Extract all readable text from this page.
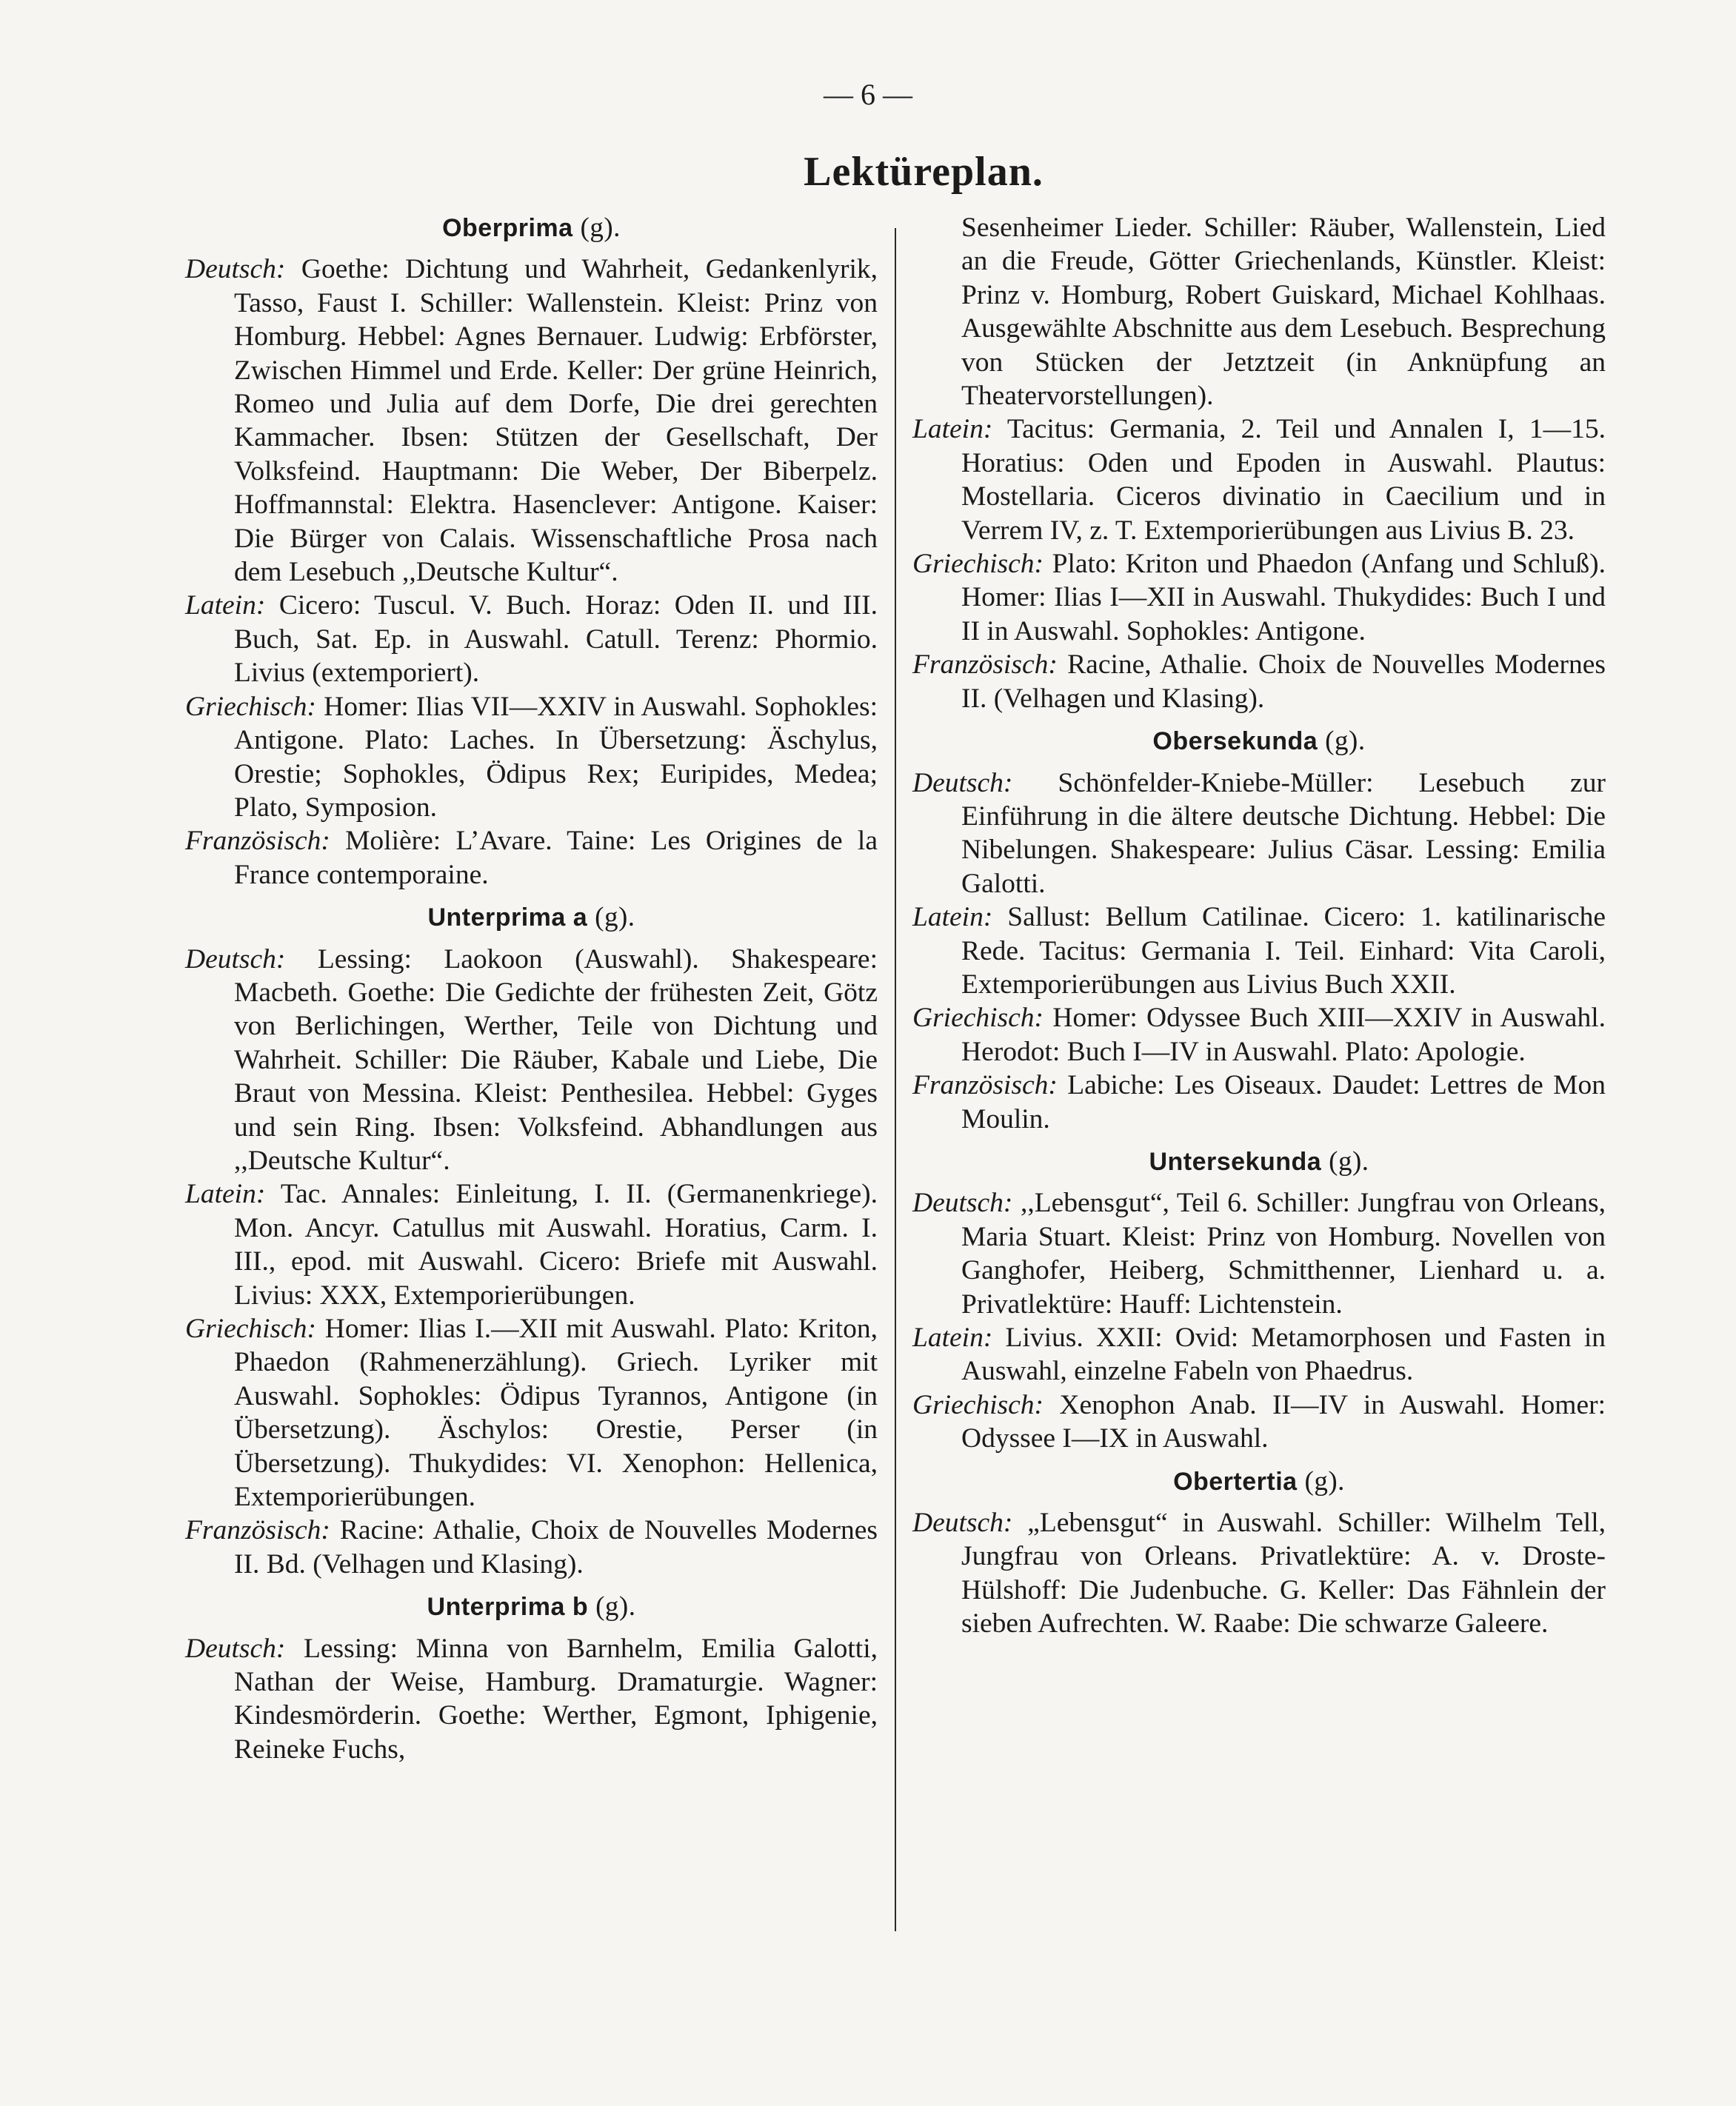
— 6 —
Lektüreplan.
Oberprima (g).

Deutsch: Goethe: Dichtung und Wahrheit, Gedankenlyrik, Tasso, Faust I. Schiller: Wallenstein. Kleist: Prinz von Homburg. Hebbel: Agnes Bernauer. Ludwig: Erbförster, Zwischen Himmel und Erde. Keller: Der grüne Heinrich, Romeo und Julia auf dem Dorfe, Die drei gerechten Kammacher. Ibsen: Stützen der Gesellschaft, Der Volksfeind. Hauptmann: Die Weber, Der Biberpelz. Hoffmannstal: Elektra. Hasenclever: Antigone. Kaiser: Die Bürger von Calais. Wissenschaftliche Prosa nach dem Lesebuch ,,Deutsche Kultur“.

Latein: Cicero: Tuscul. V. Buch. Horaz: Oden II. und III. Buch, Sat. Ep. in Auswahl. Catull. Terenz: Phormio. Livius (extemporiert).

Griechisch: Homer: Ilias VII—XXIV in Auswahl. Sophokles: Antigone. Plato: Laches. In Übersetzung: Äschylus, Orestie; Sophokles, Ödipus Rex; Euripides, Medea; Plato, Symposion.

Französisch: Molière: L’Avare. Taine: Les Origines de la France contemporaine.

Unterprima a (g).

Deutsch: Lessing: Laokoon (Auswahl). Shakespeare: Macbeth. Goethe: Die Gedichte der frühesten Zeit, Götz von Berlichingen, Werther, Teile von Dichtung und Wahrheit. Schiller: Die Räuber, Kabale und Liebe, Die Braut von Messina. Kleist: Penthesilea. Hebbel: Gyges und sein Ring. Ibsen: Volksfeind. Abhandlungen aus ,,Deutsche Kultur“.

Latein: Tac. Annales: Einleitung, I. II. (Germanenkriege). Mon. Ancyr. Catullus mit Auswahl. Horatius, Carm. I. III., epod. mit Auswahl. Cicero: Briefe mit Auswahl. Livius: XXX, Extemporierübungen.

Griechisch: Homer: Ilias I.—XII mit Auswahl. Plato: Kriton, Phaedon (Rahmenerzählung). Griech. Lyriker mit Auswahl. Sophokles: Ödipus Tyrannos, Antigone (in Übersetzung). Äschylos: Orestie, Perser (in Übersetzung). Thukydides: VI. Xenophon: Hellenica, Extemporierübungen.

Französisch: Racine: Athalie, Choix de Nouvelles Modernes II. Bd. (Velhagen und Klasing).

Unterprima b (g).

Deutsch: Lessing: Minna von Barnhelm, Emilia Galotti, Nathan der Weise, Hamburg. Dramaturgie. Wagner: Kindesmörderin. Goethe: Werther, Egmont, Iphigenie, Reineke Fuchs,

Sesenheimer Lieder. Schiller: Räuber, Wallenstein, Lied an die Freude, Götter Griechenlands, Künstler. Kleist: Prinz v. Homburg, Robert Guiskard, Michael Kohlhaas. Ausgewählte Abschnitte aus dem Lesebuch. Besprechung von Stücken der Jetztzeit (in Anknüpfung an Theatervorstellungen).

Latein: Tacitus: Germania, 2. Teil und Annalen I, 1—15. Horatius: Oden und Epoden in Auswahl. Plautus: Mostellaria. Ciceros divinatio in Caecilium und in Verrem IV, z. T. Extemporierübungen aus Livius B. 23.

Griechisch: Plato: Kriton und Phaedon (Anfang und Schluß). Homer: Ilias I—XII in Auswahl. Thukydides: Buch I und II in Auswahl. Sophokles: Antigone.

Französisch: Racine, Athalie. Choix de Nouvelles Modernes II. (Velhagen und Klasing).

Obersekunda (g).

Deutsch: Schönfelder-Kniebe-Müller: Lesebuch zur Einführung in die ältere deutsche Dichtung. Hebbel: Die Nibelungen. Shakespeare: Julius Cäsar. Lessing: Emilia Galotti.

Latein: Sallust: Bellum Catilinae. Cicero: 1. katilinarische Rede. Tacitus: Germania I. Teil. Einhard: Vita Caroli, Extemporierübungen aus Livius Buch XXII.

Griechisch: Homer: Odyssee Buch XIII—XXIV in Auswahl. Herodot: Buch I—IV in Auswahl. Plato: Apologie.

Französisch: Labiche: Les Oiseaux. Daudet: Lettres de Mon Moulin.

Untersekunda (g).

Deutsch: ,,Lebensgut“, Teil 6. Schiller: Jungfrau von Orleans, Maria Stuart. Kleist: Prinz von Homburg. Novellen von Ganghofer, Heiberg, Schmitthenner, Lienhard u. a. Privatlektüre: Hauff: Lichtenstein.

Latein: Livius. XXII: Ovid: Metamorphosen und Fasten in Auswahl, einzelne Fabeln von Phaedrus.

Griechisch: Xenophon Anab. II—IV in Auswahl. Homer: Odyssee I—IX in Auswahl.

Obertertia (g).

Deutsch: „Lebensgut“ in Auswahl. Schiller: Wilhelm Tell, Jungfrau von Orleans. Privatlektüre: A. v. Droste-Hülshoff: Die Judenbuche. G. Keller: Das Fähnlein der sieben Aufrechten. W. Raabe: Die schwarze Galeere.
